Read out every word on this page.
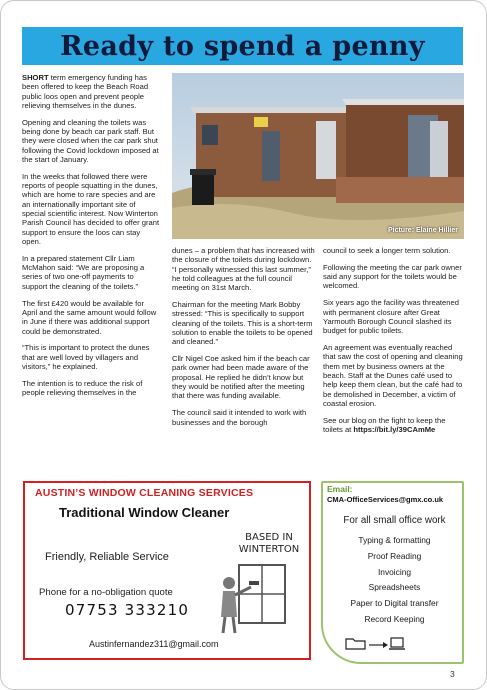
Ready to spend a penny

SHORT term emergency funding has been offered to keep the Beach Road public loos open and prevent people relieving themselves in the dunes.

Opening and cleaning the toilets was being done by beach car park staff. But they were closed when the car park shut following the Covid lockdown imposed at the start of January.

In the weeks that followed there were reports of people squatting in the dunes, which are home to rare species and are an internationally important site of special scientific interest. Now Winterton Parish Council has decided to offer grant support to ensure the loos can stay open.

In a prepared statement Cllr Liam McMahon said: “We are proposing a series of two one-off payments to support the cleaning of the toilets.”

The first £420 would be available for April and the same amount would follow in June if there was additional support could be demonstrated.

“This is important to protect the dunes that are well loved by villagers and visitors,” he explained.

The intention is to reduce the risk of people relieving themselves in the

Picture: Elaine Hillier

dunes – a problem that has increased with the closure of the toilets during lockdown. “I personally witnessed this last summer,” he told colleagues at the full council meeting on 31st March.

Chairman for the meeting Mark Bobby stressed: “This is specifically to support cleaning of the toilets. This is a short-term solution to enable the toilets to be opened and cleaned.”

Cllr Nigel Coe asked him if the beach car park owner had been made aware of the proposal. He replied he didn’t know but they would be notified after the meeting that there was funding available.

The council said it intended to work with businesses and the borough

council to seek a longer term solution.

Following the meeting the car park owner said any support for the toilets would be welcomed.

Six years ago the facility was threatened with permanent closure after Great Yarmouth Borough Council slashed its budget for public toilets.

An agreement was eventually reached that saw the cost of opening and cleaning them met by business owners at the beach. Staff at the Dunes café used to help keep them clean, but the café had to be demolished in December, a victim of coastal erosion.

See our blog on the fight to keep the toilets at https://bit.ly/39CAmMe

AUSTIN’S WINDOW CLEANING SERVICES
Traditional Window Cleaner
BASED IN WINTERTON
Friendly, Reliable Service
Phone for a no-obligation quote
07753 333210
Austinfernandez311@gmail.com
Email:
CMA-OfficeServices@gmx.co.uk
For all small office work
Typing & formatting
Proof Reading
Invoicing
Spreadsheets
Paper to Digital transfer
Record Keeping
3
